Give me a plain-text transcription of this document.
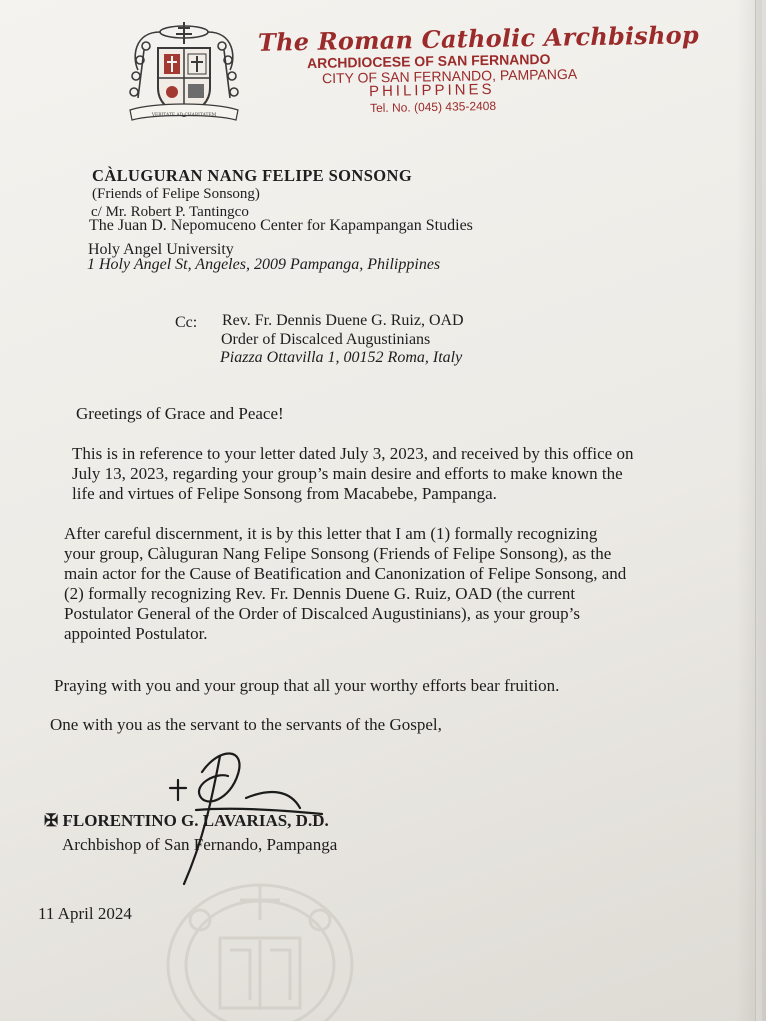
VERITATE AD CHARITATEM
The Roman Catholic Archbishop
ARCHDIOCESE OF SAN FERNANDO
CITY OF SAN FERNANDO, PAMPANGA
PHILIPPINES
Tel. No. (045) 435-2408
CÀLUGURAN NANG FELIPE SONSONG
(Friends of Felipe Sonsong)
c/ Mr. Robert P. Tantingco
The Juan D. Nepomuceno Center for Kapampangan Studies
Holy Angel University
1 Holy Angel St, Angeles, 2009 Pampanga, Philippines
Cc: Rev. Fr. Dennis Duene G. Ruiz, OAD
Order of Discalced Augustinians
Piazza Ottavilla 1, 00152 Roma, Italy
Greetings of Grace and Peace!
This is in reference to your letter dated July 3, 2023, and received by this office on
July 13, 2023, regarding your group’s main desire and efforts to make known the
life and virtues of Felipe Sonsong from Macabebe, Pampanga.
After careful discernment, it is by this letter that I am (1) formally recognizing
your group, Càluguran Nang Felipe Sonsong (Friends of Felipe Sonsong), as the
main actor for the Cause of Beatification and Canonization of Felipe Sonsong, and
(2) formally recognizing Rev. Fr. Dennis Duene G. Ruiz, OAD (the current
Postulator General of the Order of Discalced Augustinians), as your group’s
appointed Postulator.
Praying with you and your group that all your worthy efforts bear fruition.
One with you as the servant to the servants of the Gospel,
✠ FLORENTINO G. LAVARIAS, D.D.
Archbishop of San Fernando, Pampanga
11 April 2024
